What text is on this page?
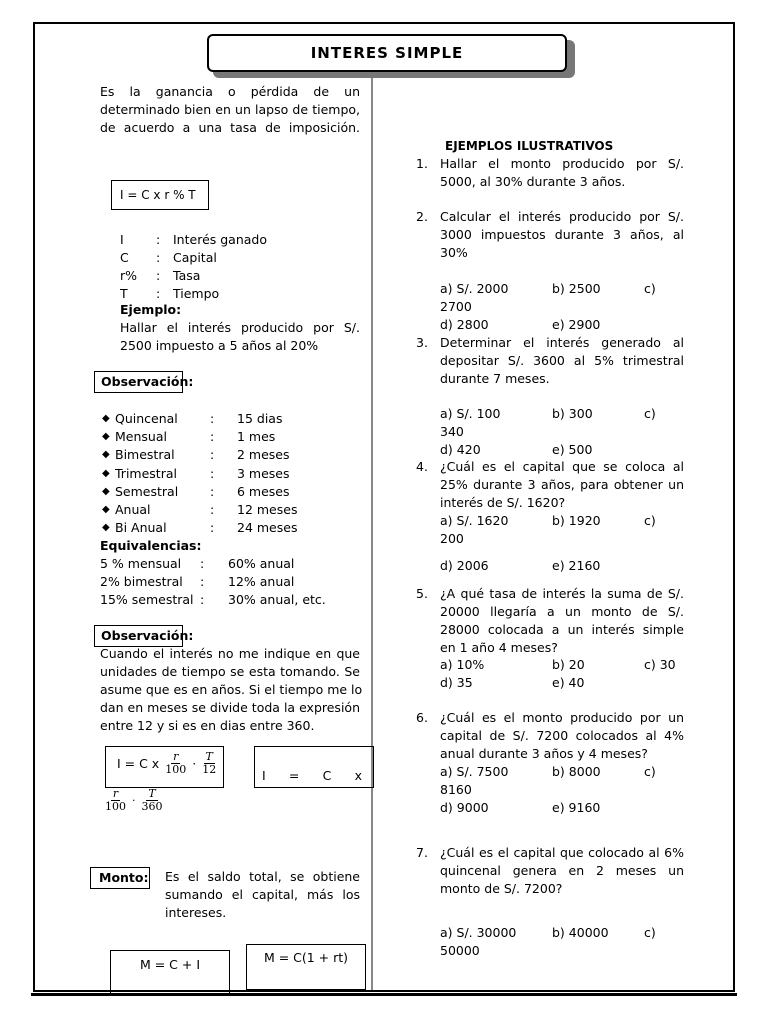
INTERES SIMPLE
Es la ganancia o pérdida de un determinado bien en un lapso de tiempo, de acuerdo a una tasa de imposición.
I = C x r % T
I	: Interés ganado
C : Capital
r% : Tasa
T : Tiempo
Ejemplo:
Hallar el interés producido por S/.
2500 impuesto a 5 años al 20%
Observación:
◆ Quincenal	: 15 dias
◆ Mensual	: 1 mes
◆ Bimestral	: 2 meses
◆ Trimestral	: 3 meses
◆ Semestral	: 6 meses
◆ Anual	: 12 meses
◆ Bi Anual	: 24 meses
Equivalencias:
5 % mensual : 60% anual
2% bimestral : 12% anual
15% semestral : 30% anual, etc.
Observación:
Cuando el interés no me indique en que
unidades de tiempo se esta tomando. Se
asume que es en años. Si el tiempo me lo
dan en meses se divide toda la expresión
entre 12 y si es en dias entre 360.
I = C x $\frac{r}{100} \cdot \frac{T}{12}$	I = C x
$\frac{r}{100} \cdot \frac{T}{360}$
Monto: Es el saldo total, se obtiene sumando el capital, más los intereses.
M = C + I	M = C(1 + rt)
EJEMPLOS ILUSTRATIVOS
1. Hallar el monto producido por S/.
5000, al 30% durante 3 años.
2. Calcular el interés producido por S/.
3000 impuestos durante 3 años, al
30%
a) S/. 2000	b) 2500	c)
2700
d) 2800	e) 2900
3. Determinar el interés generado al
depositar S/. 3600 al 5% trimestral
durante 7 meses.
a) S/. 100	b) 300	c)
340
d) 420	e) 500
4. ¿Cuál es el capital que se coloca al
25% durante 3 años, para obtener un
interés de S/. 1620?
a) S/. 1620	b) 1920	c)
200
d) 2006	e) 2160
5. ¿A qué tasa de interés la suma de S/.
20000 llegaría a un monto de S/.
28000 colocada a un interés simple
en 1 año 4 meses?
a) 10%	b) 20	c) 30
d) 35	e) 40
6. ¿Cuál es el monto producido por un
capital de S/. 7200 colocados al 4%
anual durante 3 años y 4 meses?
a) S/. 7500	b) 8000	c)
8160
d) 9000	e) 9160
7. ¿Cuál es el capital que colocado al 6%
quincenal genera en 2 meses un
monto de S/. 7200?
a) S/. 30000	b) 40000	c)
50000
